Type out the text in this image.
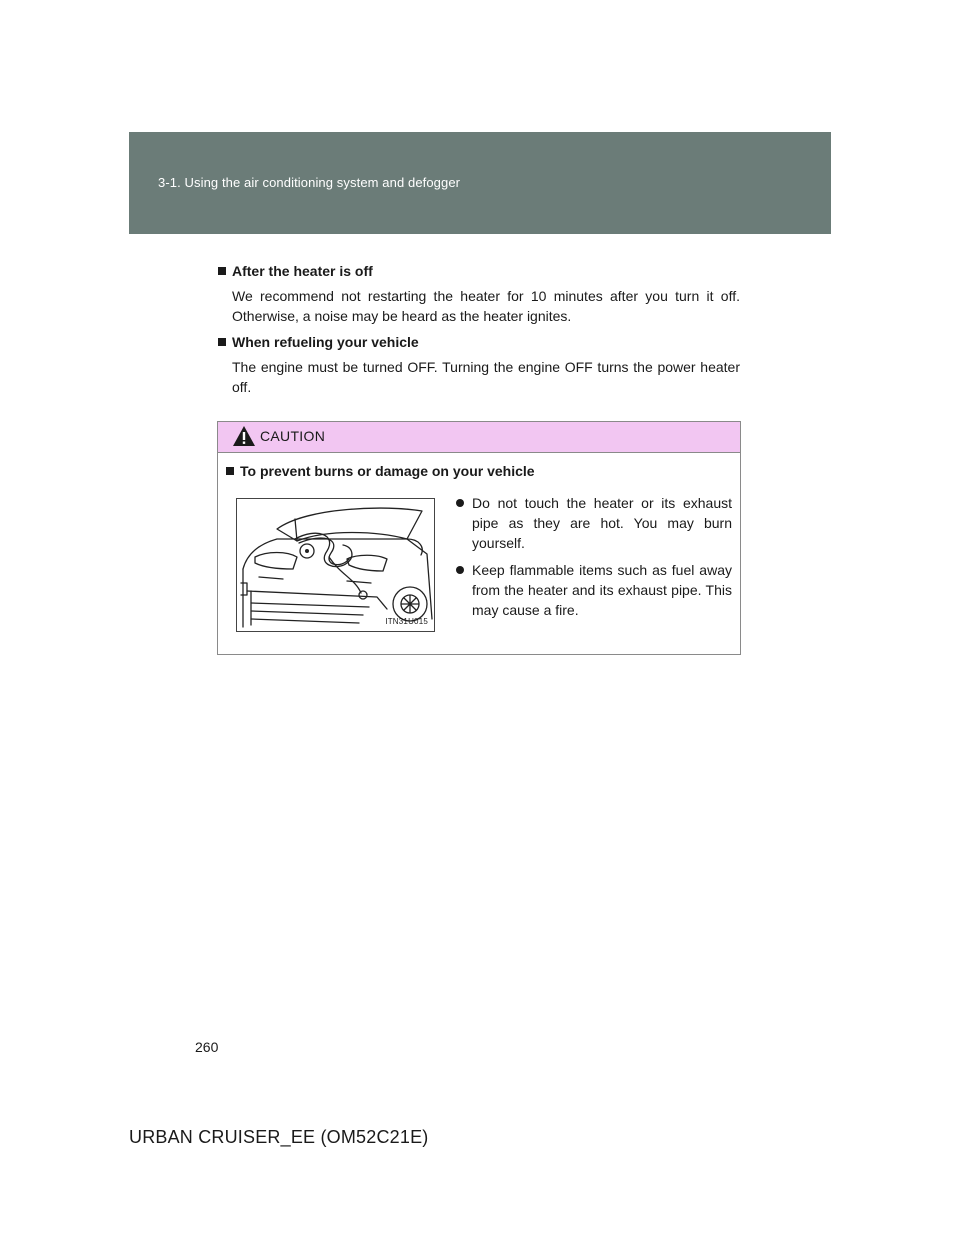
3-1. Using the air conditioning system and defogger
After the heater is off
We recommend not restarting the heater for 10 minutes after you turn it off. Otherwise, a noise may be heard as the heater ignites.
When refueling your vehicle
The engine must be turned OFF. Turning the engine OFF turns the power heater off.
CAUTION
To prevent burns or damage on your vehicle
ITN31U015
Do not touch the heater or its exhaust pipe as they are hot. You may burn yourself.
Keep flammable items such as fuel away from the heater and its exhaust pipe. This may cause a fire.
260
URBAN CRUISER_EE (OM52C21E)
